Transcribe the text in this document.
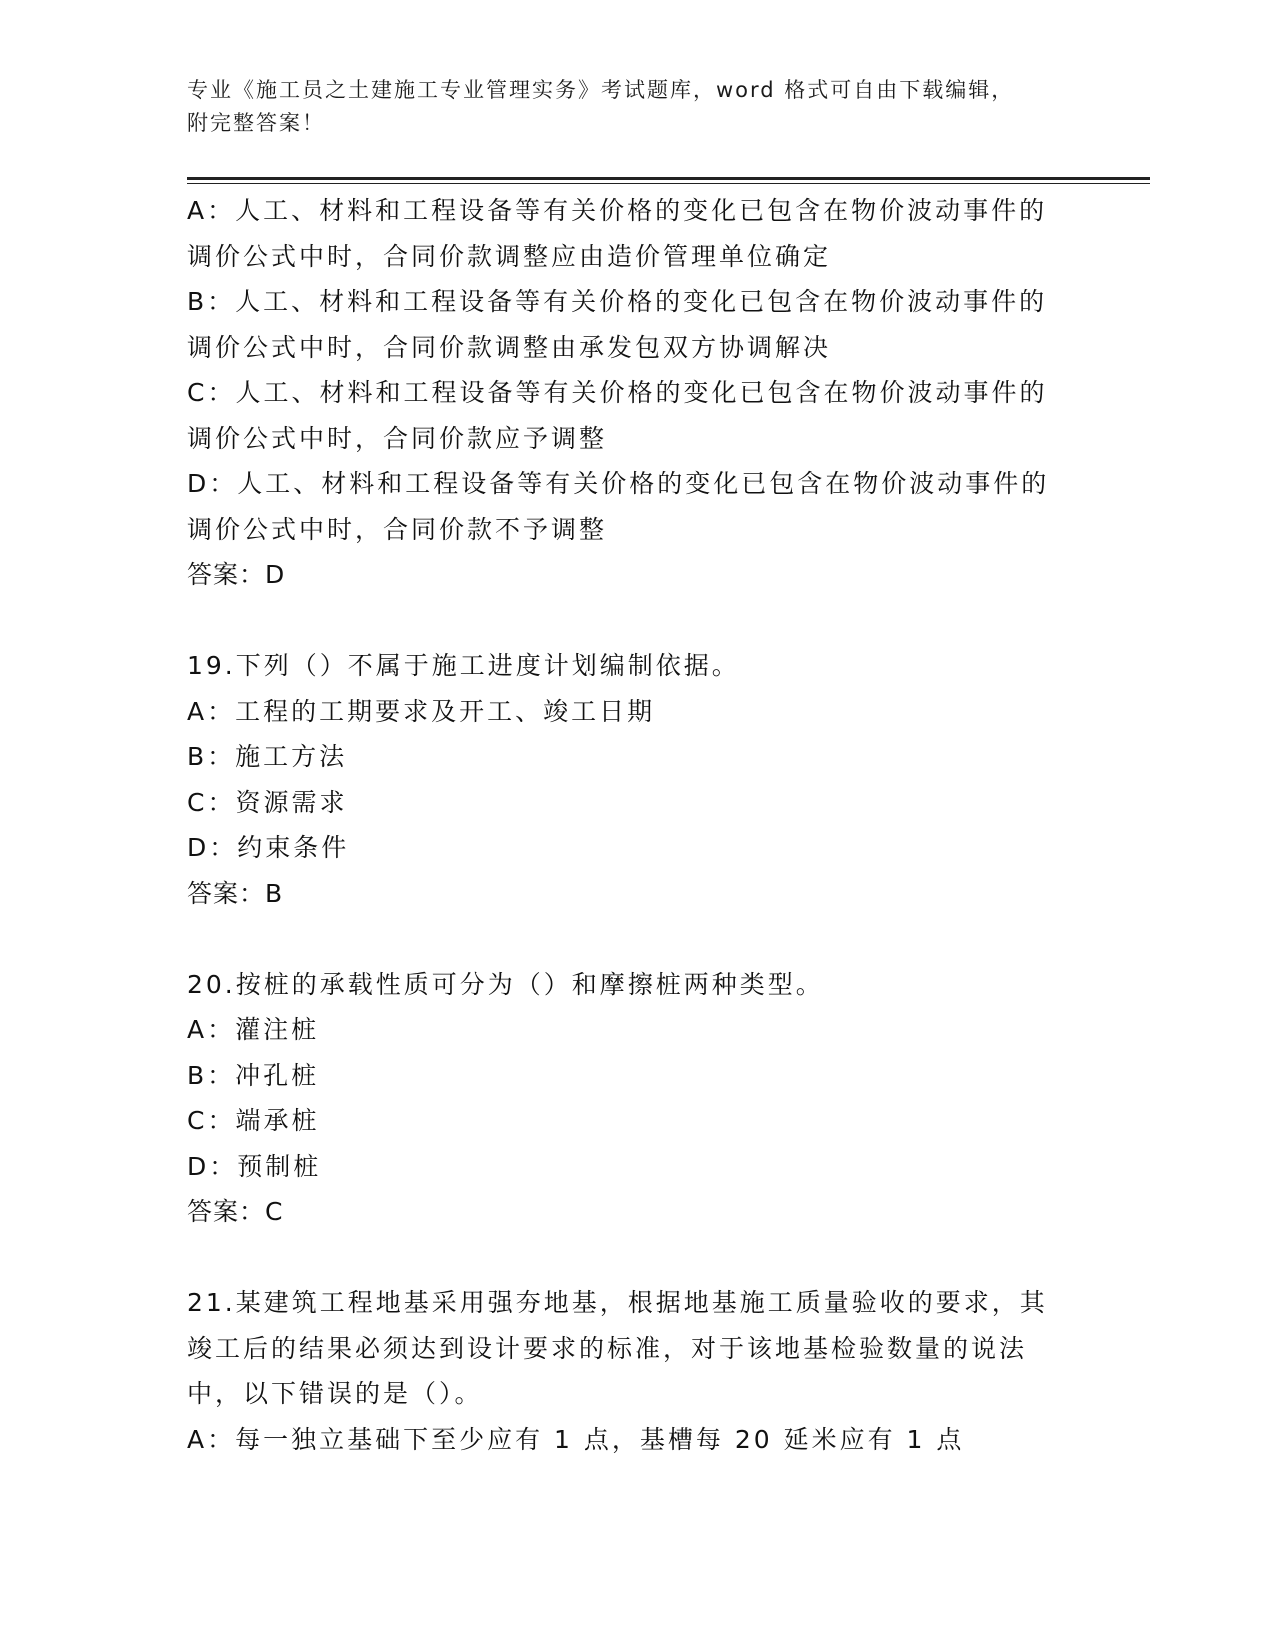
专业《施工员之土建施工专业管理实务》考试题库，word 格式可自由下载编辑，
附完整答案！
A：人工、材料和工程设备等有关价格的变化已包含在物价波动事件的
调价公式中时，合同价款调整应由造价管理单位确定
B：人工、材料和工程设备等有关价格的变化已包含在物价波动事件的
调价公式中时，合同价款调整由承发包双方协调解决
C：人工、材料和工程设备等有关价格的变化已包含在物价波动事件的
调价公式中时，合同价款应予调整
D：人工、材料和工程设备等有关价格的变化已包含在物价波动事件的
调价公式中时，合同价款不予调整
答案：D
19.下列（）不属于施工进度计划编制依据。
A：工程的工期要求及开工、竣工日期
B：施工方法
C：资源需求
D：约束条件
答案：B
20.按桩的承载性质可分为（）和摩擦桩两种类型。
A：灌注桩
B：冲孔桩
C：端承桩
D：预制桩
答案：C
21.某建筑工程地基采用强夯地基，根据地基施工质量验收的要求，其
竣工后的结果必须达到设计要求的标准，对于该地基检验数量的说法
中，以下错误的是（）。
A：每一独立基础下至少应有 1 点，基槽每 20 延米应有 1 点
